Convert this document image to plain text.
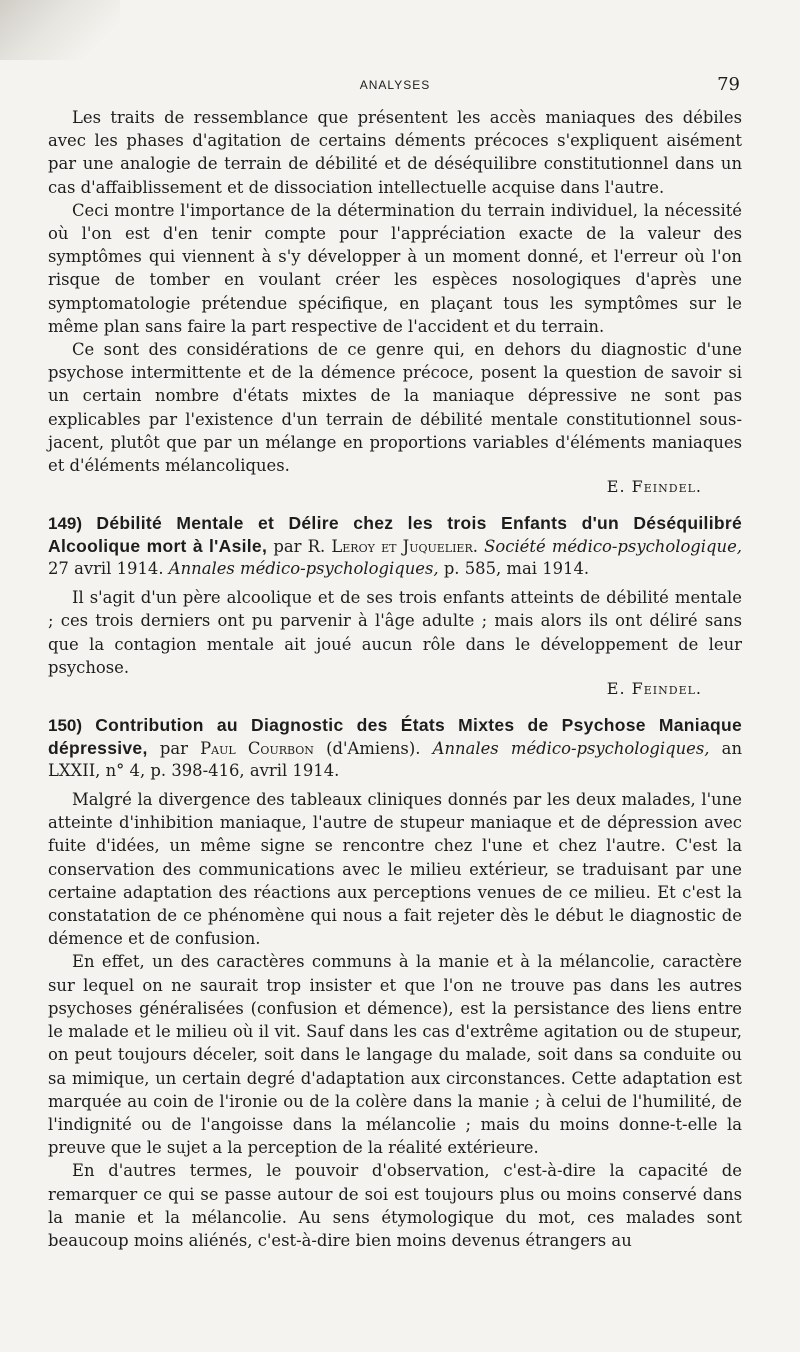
ANALYSES	79

Les traits de ressemblance que présentent les accès maniaques des débiles avec les phases d'agitation de certains déments précoces s'expliquent aisément par une analogie de terrain de débilité et de déséquilibre constitutionnel dans un cas d'affaiblissement et de dissociation intellectuelle acquise dans l'autre.

Ceci montre l'importance de la détermination du terrain individuel, la nécessité où l'on est d'en tenir compte pour l'appréciation exacte de la valeur des symptômes qui viennent à s'y développer à un moment donné, et l'erreur où l'on risque de tomber en voulant créer les espèces nosologiques d'après une symptomatologie prétendue spécifique, en plaçant tous les symptômes sur le même plan sans faire la part respective de l'accident et du terrain.

Ce sont des considérations de ce genre qui, en dehors du diagnostic d'une psychose intermittente et de la démence précoce, posent la question de savoir si un certain nombre d'états mixtes de la maniaque dépressive ne sont pas explicables par l'existence d'un terrain de débilité mentale constitutionnel sous-jacent, plutôt que par un mélange en proportions variables d'éléments maniaques et d'éléments mélancoliques.

E. Feindel.
149) Débilité Mentale et Délire chez les trois Enfants d'un Déséquilibré Alcoolique mort à l'Asile, par R. Leroy et Juquelier. Société médico-psychologique, 27 avril 1914. Annales médico-psychologiques, p. 585, mai 1914.

Il s'agit d'un père alcoolique et de ses trois enfants atteints de débilité mentale ; ces trois derniers ont pu parvenir à l'âge adulte ; mais alors ils ont déliré sans que la contagion mentale ait joué aucun rôle dans le développement de leur psychose.

E. Feindel.
150) Contribution au Diagnostic des États Mixtes de Psychose Maniaque dépressive, par Paul Courbon (d'Amiens). Annales médico-psychologiques, an LXXII, n° 4, p. 398-416, avril 1914.

Malgré la divergence des tableaux cliniques donnés par les deux malades, l'une atteinte d'inhibition maniaque, l'autre de stupeur maniaque et de dépression avec fuite d'idées, un même signe se rencontre chez l'une et chez l'autre. C'est la conservation des communications avec le milieu extérieur, se traduisant par une certaine adaptation des réactions aux perceptions venues de ce milieu. Et c'est la constatation de ce phénomène qui nous a fait rejeter dès le début le diagnostic de démence et de confusion.

En effet, un des caractères communs à la manie et à la mélancolie, caractère sur lequel on ne saurait trop insister et que l'on ne trouve pas dans les autres psychoses généralisées (confusion et démence), est la persistance des liens entre le malade et le milieu où il vit. Sauf dans les cas d'extrême agitation ou de stupeur, on peut toujours déceler, soit dans le langage du malade, soit dans sa conduite ou sa mimique, un certain degré d'adaptation aux circonstances. Cette adaptation est marquée au coin de l'ironie ou de la colère dans la manie ; à celui de l'humilité, de l'indignité ou de l'angoisse dans la mélancolie ; mais du moins donne-t-elle la preuve que le sujet a la perception de la réalité extérieure.

En d'autres termes, le pouvoir d'observation, c'est-à-dire la capacité de remarquer ce qui se passe autour de soi est toujours plus ou moins conservé dans la manie et la mélancolie. Au sens étymologique du mot, ces malades sont beaucoup moins aliénés, c'est-à-dire bien moins devenus étrangers au
